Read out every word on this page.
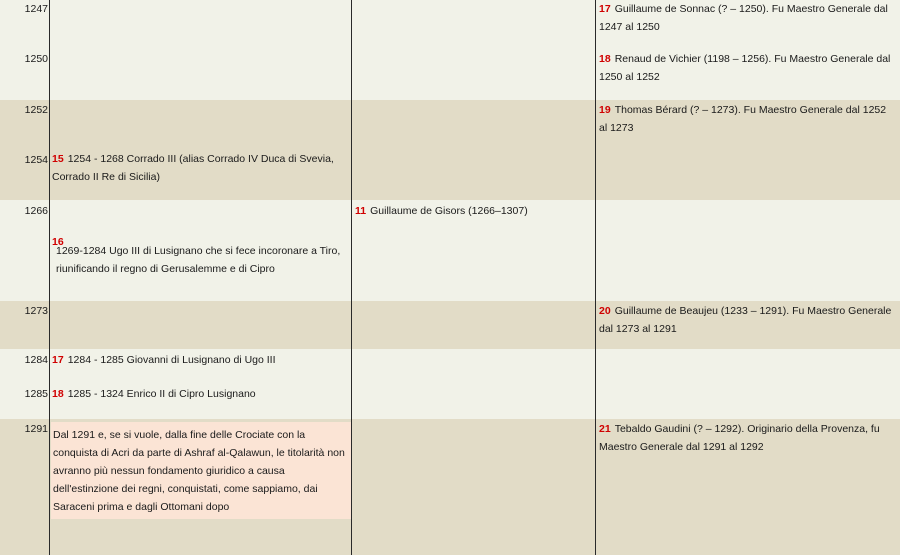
1247
1250
1252
1254
1266
1273
1284
1285
1291
15 1254 - 1268 Corrado III (alias Corrado IV Duca di Svevia, Corrado II Re di Sicilia)
16
1269-1284 Ugo III di Lusignano che si fece incoronare a Tiro, riunificando il regno di Gerusalemme e di Cipro
17 1284 - 1285 Giovanni di Lusignano di Ugo III
18 1285 - 1324 Enrico II di Cipro Lusignano
Dal 1291 e, se si vuole, dalla fine delle Crociate con la conquista di Acri da parte di Ashraf al-Qalawun, le titolarità non avranno più nessun fondamento giuridico a causa dell'estinzione dei regni, conquistati, come sappiamo, dai Saraceni prima e dagli Ottomani dopo
11 Guillaume de Gisors (1266–1307)
17 Guillaume de Sonnac (? – 1250). Fu Maestro Generale dal 1247 al 1250
18 Renaud de Vichier (1198 – 1256). Fu Maestro Generale dal 1250 al 1252
19 Thomas Bérard (? – 1273). Fu Maestro Generale dal 1252 al 1273
20 Guillaume de Beaujeu (1233 – 1291). Fu Maestro Generale dal 1273 al 1291
21 Tebaldo Gaudini (? – 1292). Originario della Provenza, fu Maestro Generale dal 1291 al 1292
